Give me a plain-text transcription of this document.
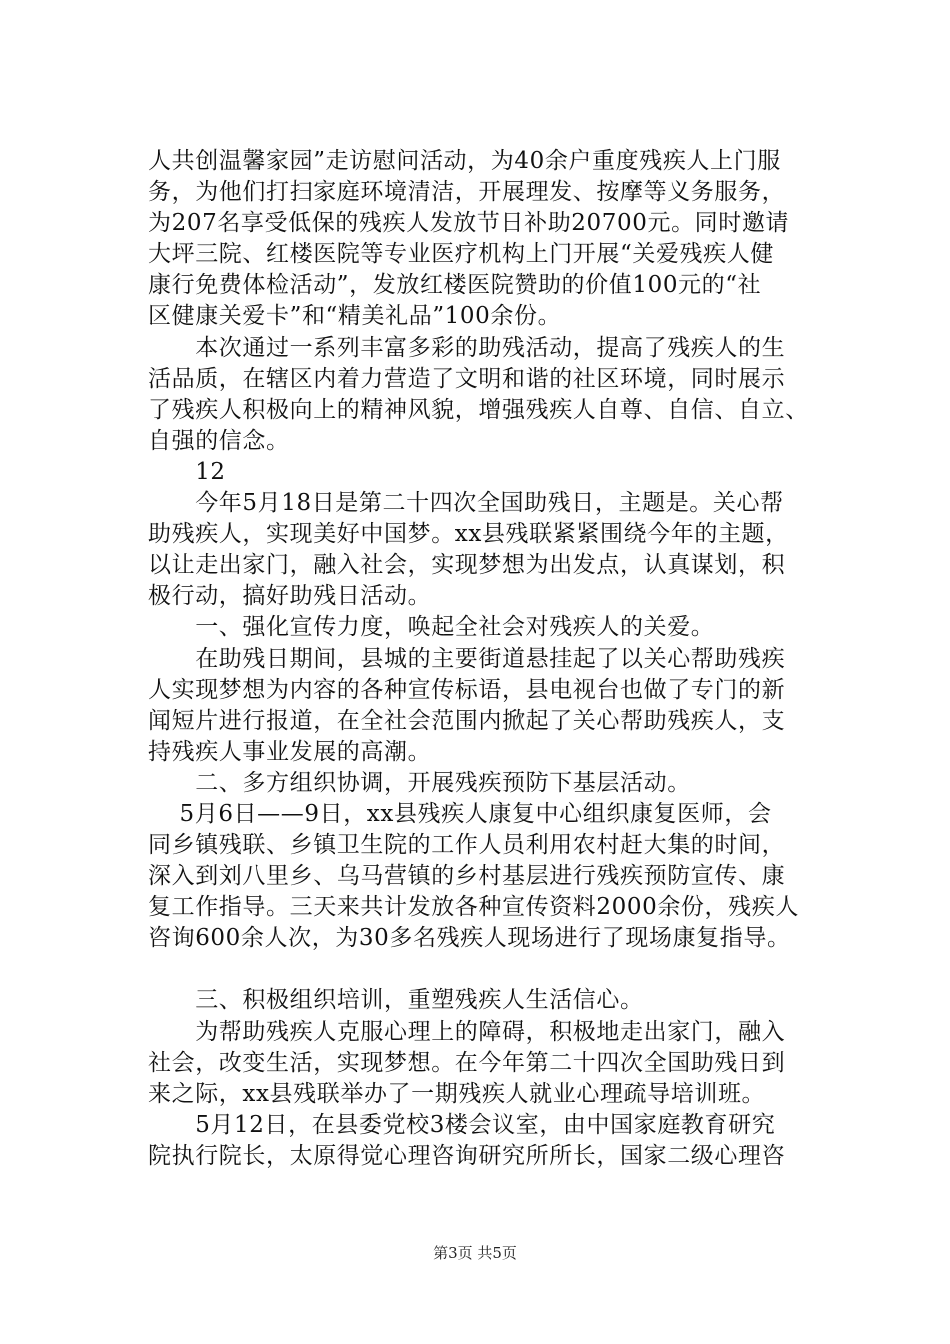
人共创温馨家园”走访慰问活动，为40余户重度残疾人上门服
务，为他们打扫家庭环境清洁，开展理发、按摩等义务服务，
为207名享受低保的残疾人发放节日补助20700元。同时邀请
大坪三院、红楼医院等专业医疗机构上门开展“关爱残疾人健
康行免费体检活动”，发放红楼医院赞助的价值100元的“社
区健康关爱卡”和“精美礼品”100余份。
　　本次通过一系列丰富多彩的助残活动，提高了残疾人的生
活品质，在辖区内着力营造了文明和谐的社区环境，同时展示
了残疾人积极向上的精神风貌，增强残疾人自尊、自信、自立、
自强的信念。
　　12
　　今年5月18日是第二十四次全国助残日，主题是。关心帮
助残疾人，实现美好中国梦。xx县残联紧紧围绕今年的主题，
以让走出家门，融入社会，实现梦想为出发点，认真谋划，积
极行动，搞好助残日活动。
　　一、强化宣传力度，唤起全社会对残疾人的关爱。
　　在助残日期间，县城的主要街道悬挂起了以关心帮助残疾
人实现梦想为内容的各种宣传标语，县电视台也做了专门的新
闻短片进行报道，在全社会范围内掀起了关心帮助残疾人，支
持残疾人事业发展的高潮。
　　二、多方组织协调，开展残疾预防下基层活动。
　 5月6日——9日，xx县残疾人康复中心组织康复医师，会
同乡镇残联、乡镇卫生院的工作人员利用农村赶大集的时间，
深入到刘八里乡、乌马营镇的乡村基层进行残疾预防宣传、康
复工作指导。三天来共计发放各种宣传资料2000余份，残疾人
咨询600余人次，为30多名残疾人现场进行了现场康复指导。
　　三、积极组织培训，重塑残疾人生活信心。
　　为帮助残疾人克服心理上的障碍，积极地走出家门，融入
社会，改变生活，实现梦想。在今年第二十四次全国助残日到
来之际，xx县残联举办了一期残疾人就业心理疏导培训班。
　　5月12日，在县委党校3楼会议室，由中国家庭教育研究
院执行院长，太原得觉心理咨询研究所所长，国家二级心理咨
第3页 共5页
